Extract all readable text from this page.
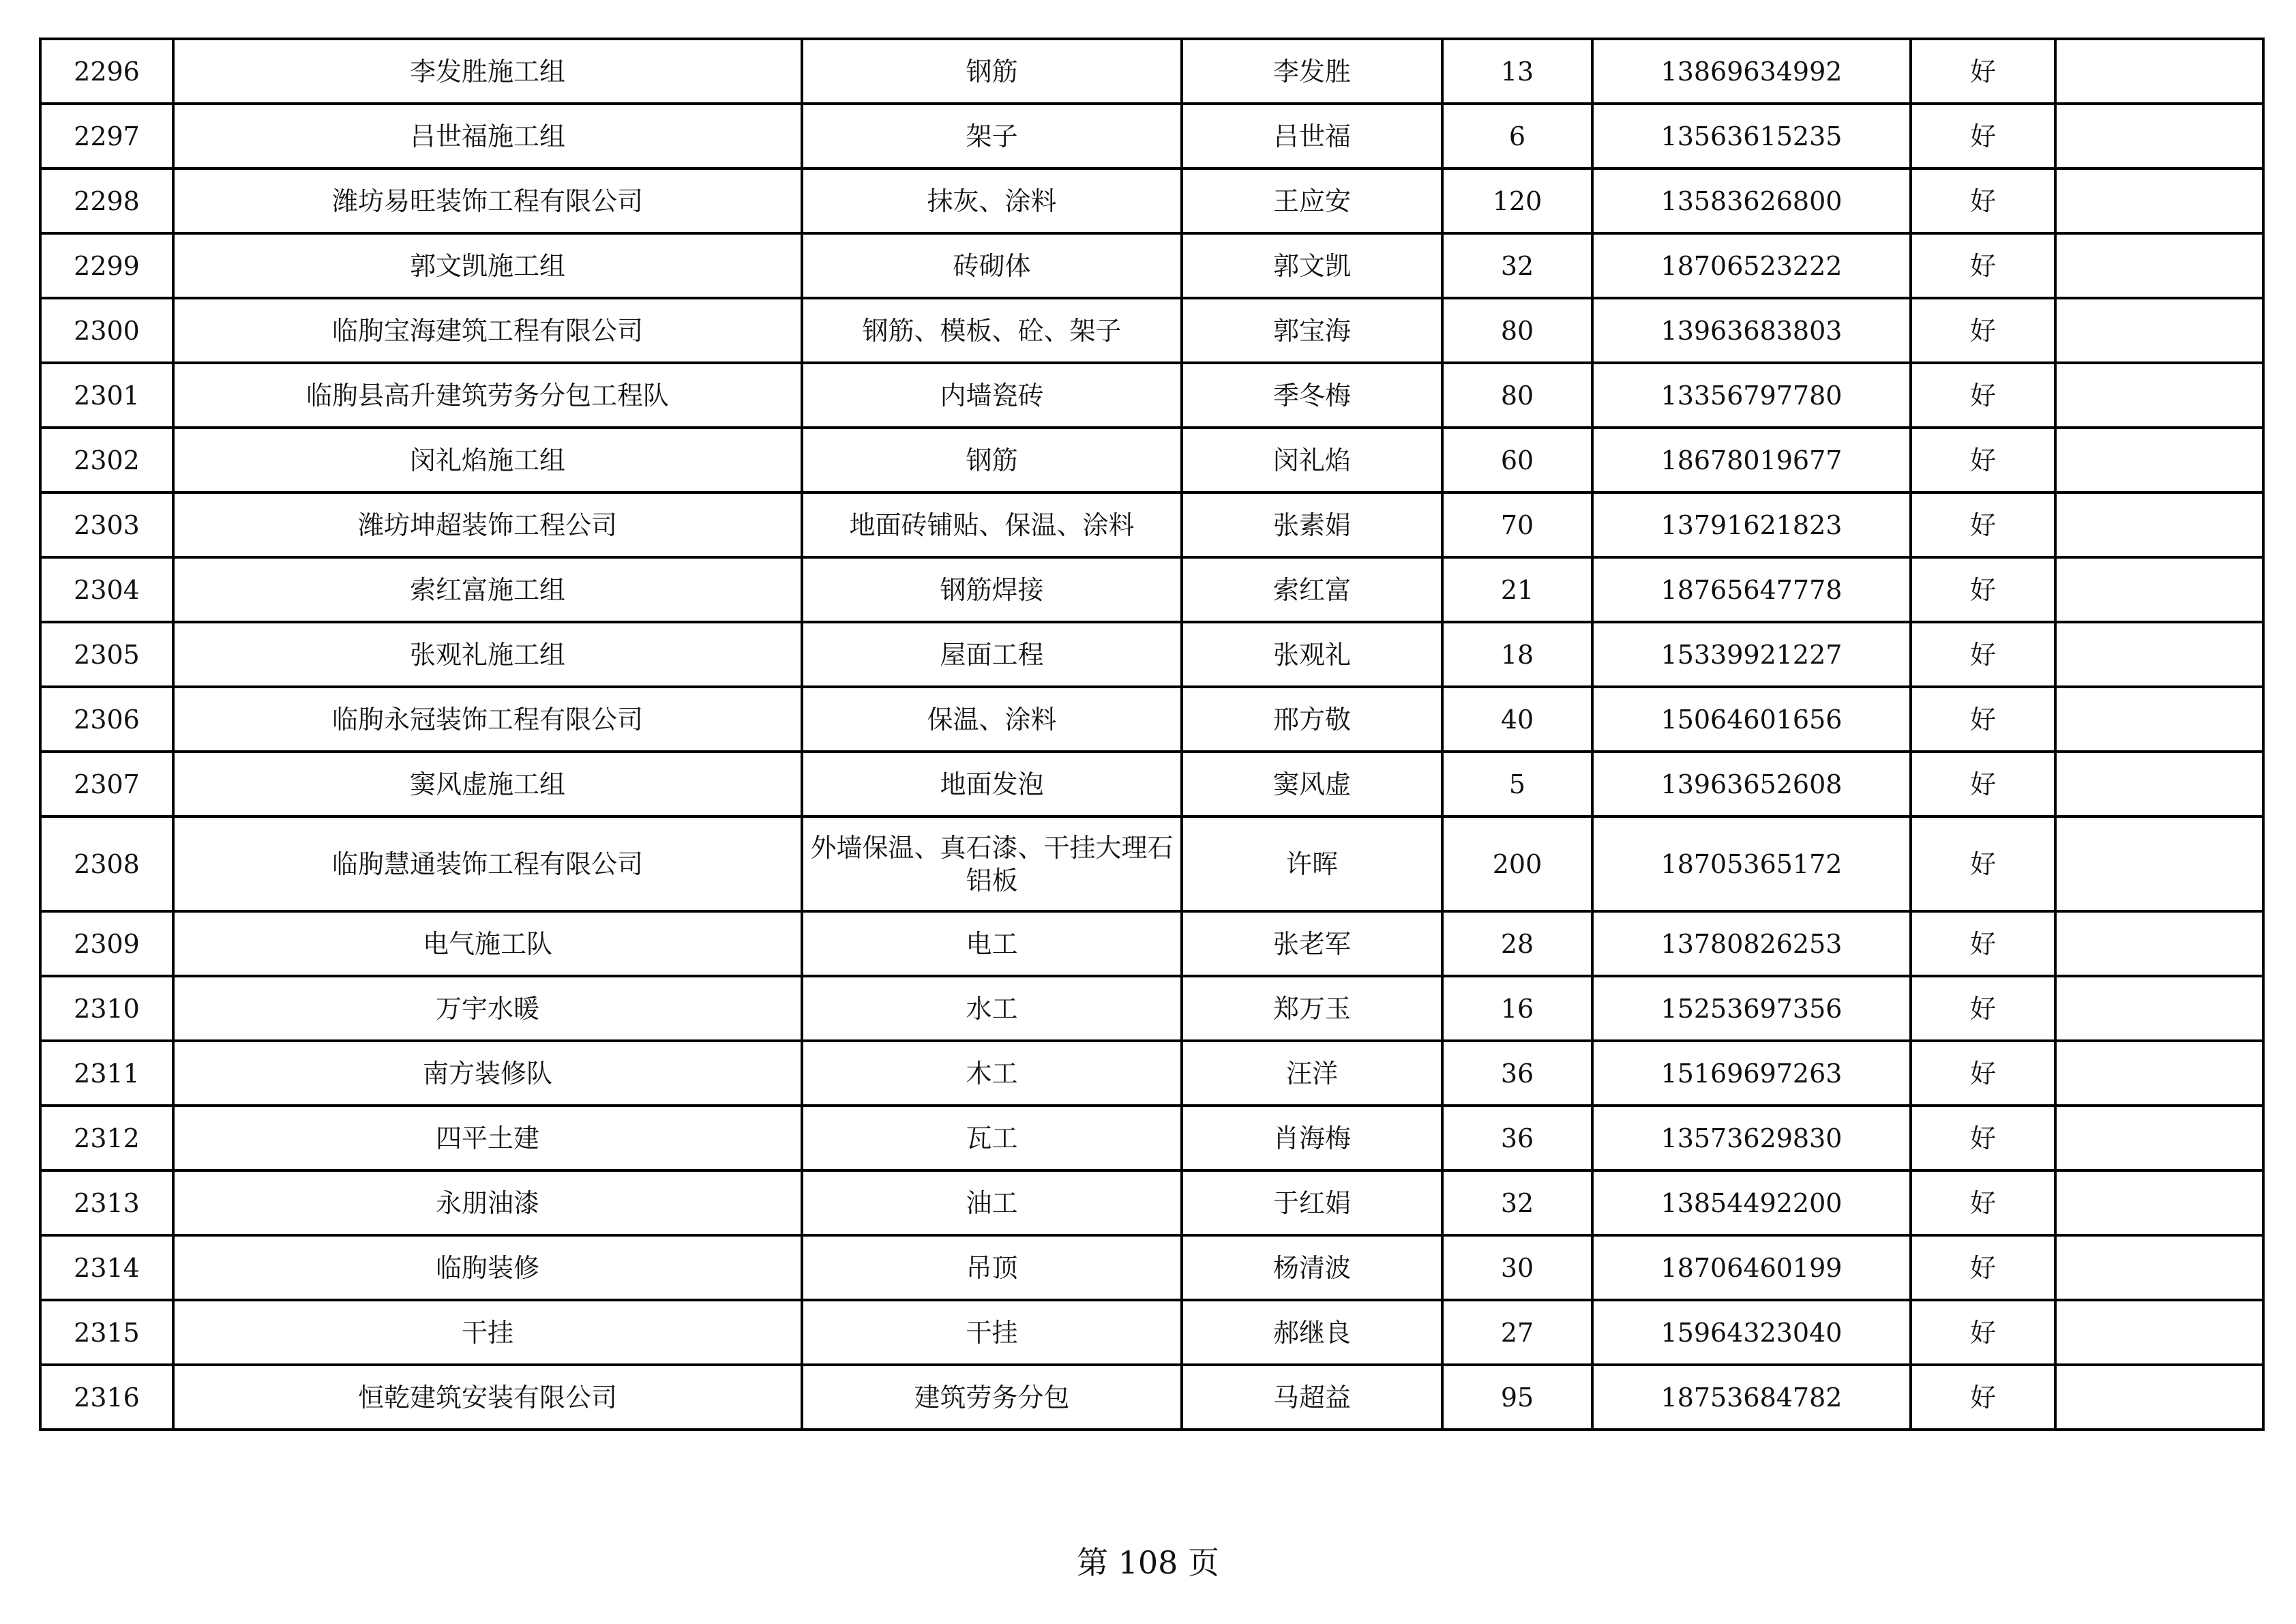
2296	李发胜施工组	钢筋	李发胜	13	13869634992	好	
2297	吕世福施工组	架子	吕世福	6	13563615235	好	
2298	潍坊易旺装饰工程有限公司	抹灰、涂料	王应安	120	13583626800	好	
2299	郭文凯施工组	砖砌体	郭文凯	32	18706523222	好	
2300	临朐宝海建筑工程有限公司	钢筋、模板、砼、架子	郭宝海	80	13963683803	好	
2301	临朐县高升建筑劳务分包工程队	内墙瓷砖	季冬梅	80	13356797780	好	
2302	闵礼焰施工组	钢筋	闵礼焰	60	18678019677	好	
2303	潍坊坤超装饰工程公司	地面砖铺贴、保温、涂料	张素娟	70	13791621823	好	
2304	索红富施工组	钢筋焊接	索红富	21	18765647778	好	
2305	张观礼施工组	屋面工程	张观礼	18	15339921227	好	
2306	临朐永冠装饰工程有限公司	保温、涂料	邢方敬	40	15064601656	好	
2307	窦风虚施工组	地面发泡	窦风虚	5	13963652608	好	
2308	临朐慧通装饰工程有限公司	外墙保温、真石漆、干挂大理石铝板	许晖	200	18705365172	好	
2309	电气施工队	电工	张老军	28	13780826253	好	
2310	万宇水暖	水工	郑万玉	16	15253697356	好	
2311	南方装修队	木工	汪洋	36	15169697263	好	
2312	四平土建	瓦工	肖海梅	36	13573629830	好	
2313	永朋油漆	油工	于红娟	32	13854492200	好	
2314	临朐装修	吊顶	杨清波	30	18706460199	好	
2315	干挂	干挂	郝继良	27	15964323040	好	
2316	恒乾建筑安装有限公司	建筑劳务分包	马超益	95	18753684782	好	
第 108 页
